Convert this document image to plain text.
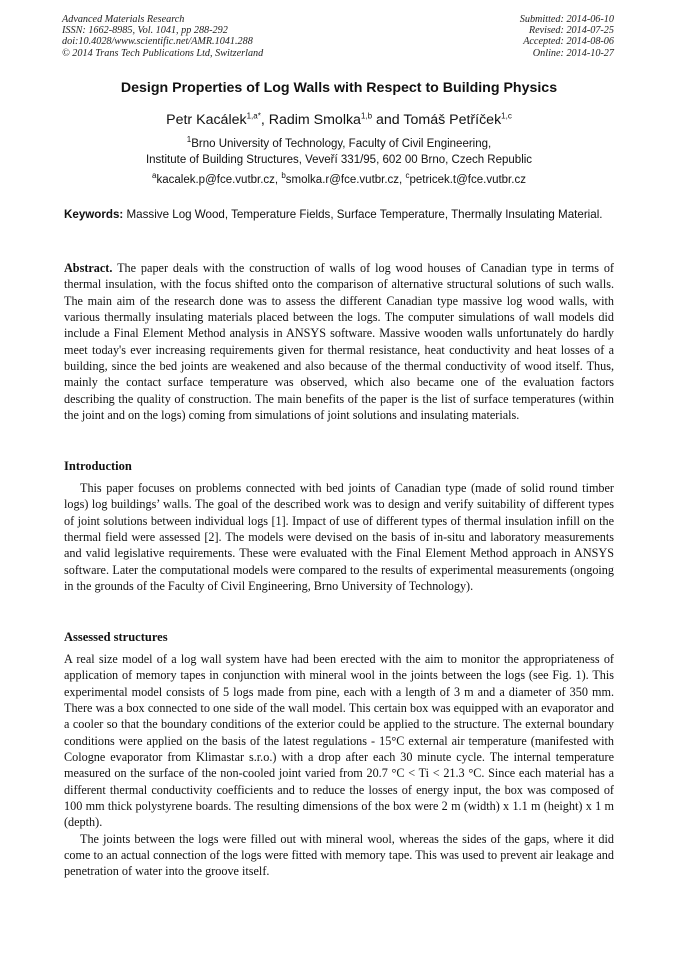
Advanced Materials Research
ISSN: 1662-8985, Vol. 1041, pp 288-292
doi:10.4028/www.scientific.net/AMR.1041.288
© 2014 Trans Tech Publications Ltd, Switzerland
Submitted: 2014-06-10
Revised: 2014-07-25
Accepted: 2014-08-06
Online: 2014-10-27
Design Properties of Log Walls with Respect to Building Physics
Petr Kacálek$^{1,a*}$, Radim Smolka$^{1,b}$ and Tomáš Petříček$^{1,c}$
$^1$Brno University of Technology, Faculty of Civil Engineering,
Institute of Building Structures, Veveří 331/95, 602 00 Brno, Czech Republic
$^a$kacalek.p@fce.vutbr.cz, $^b$smolka.r@fce.vutbr.cz, $^c$petricek.t@fce.vutbr.cz
Keywords: Massive Log Wood, Temperature Fields, Surface Temperature, Thermally Insulating Material.

Abstract. The paper deals with the construction of walls of log wood houses of Canadian type in terms of thermal insulation, with the focus shifted onto the comparison of alternative structural solutions of such walls. The main aim of the research done was to assess the different Canadian type massive log wood walls, with various thermally insulating materials placed between the logs. The computer simulations of wall models did include a Final Element Method analysis in ANSYS software. Massive wooden walls unfortunately do hardly meet today's ever increasing requirements given for thermal resistance, heat conductivity and heat losses of a building, since the bed joints are weakened and also because of the thermal conductivity of wood itself. Thus, mainly the contact surface temperature was observed, which also became one of the evaluation factors describing the quality of construction. The main benefits of the paper is the list of surface temperatures (within the joint and on the logs) coming from simulations of joint solutions and insulating materials.

Introduction

This paper focuses on problems connected with bed joints of Canadian type (made of solid round timber logs) log buildings’ walls. The goal of the described work was to design and verify suitability of different types of joint solutions between individual logs [1]. Impact of use of different types of thermal insulation infill on the thermal field were assessed [2]. The models were devised on the basis of in-situ and laboratory measurements and valid legislative requirements. These were evaluated with the Final Element Method approach in ANSYS software. Later the computational models were compared to the results of experimental measurements (ongoing in the grounds of the Faculty of Civil Engineering, Brno University of Technology).

Assessed structures

A real size model of a log wall system have had been erected with the aim to monitor the appropriateness of application of memory tapes in conjunction with mineral wool in the joints between the logs (see Fig. 1). This experimental model consists of 5 logs made from pine, each with a length of 3 m and a diameter of 350 mm. There was a box connected to one side of the wall model. This certain box was equipped with an evaporator and a cooler so that the boundary conditions of the exterior could be applied to the structure. The external boundary conditions were applied on the basis of the latest regulations - 15°C external air temperature (manifested with Cologne evaporator from Klimastar s.r.o.) with a drop after each 30 minute cycle. The internal temperature measured on the surface of the non-cooled joint varied from 20.7 °C < Ti < 21.3 °C. Since each material has a different thermal conductivity coefficients and to reduce the losses of energy input, the box was composed of 100 mm thick polystyrene boards. The resulting dimensions of the box were 2 m (width) x 1.1 m (height) x 1 m (depth).

The joints between the logs were filled out with mineral wool, whereas the sides of the gaps, where it did come to an actual connection of the logs were fitted with memory tape. This was used to prevent air leakage and penetration of water into the groove itself.
